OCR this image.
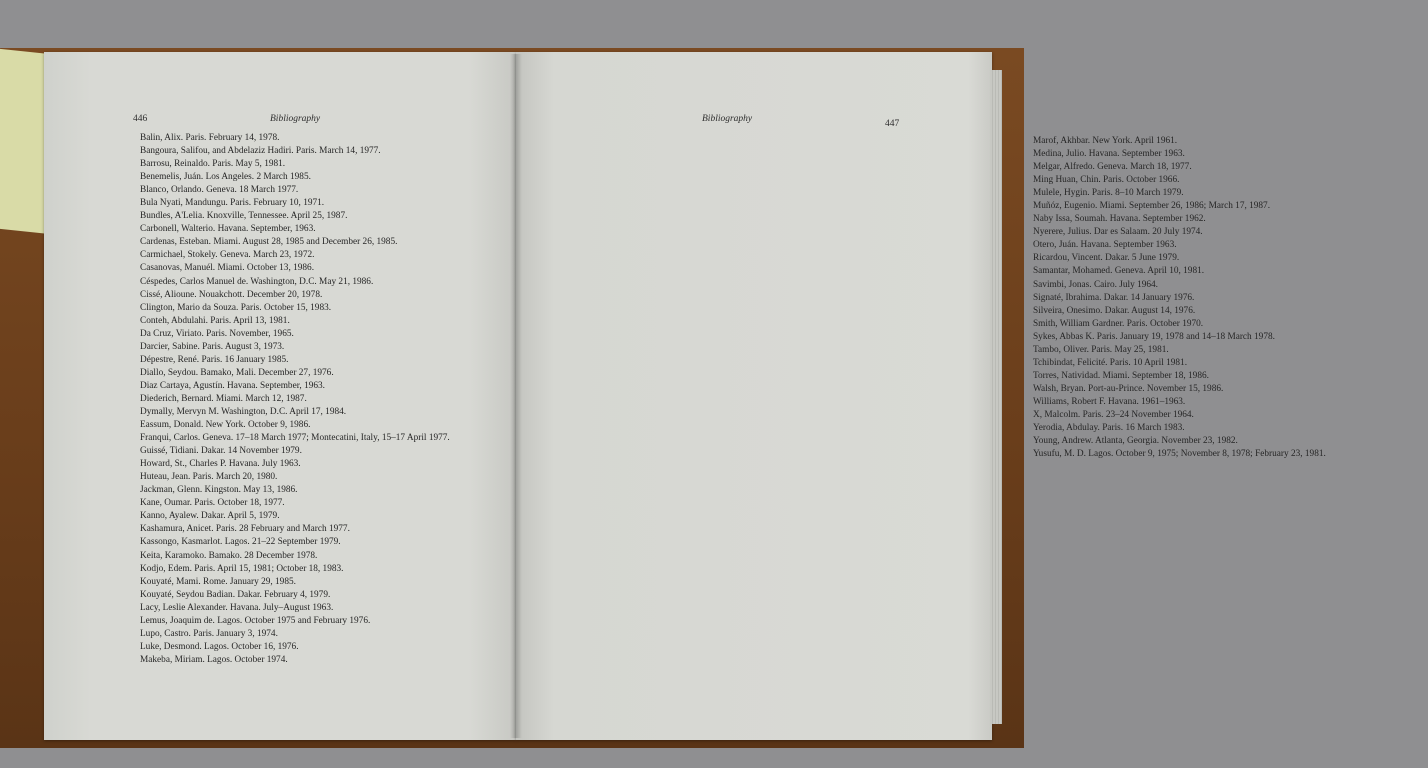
446	Bibliography
Balin, Alix. Paris. February 14, 1978.
Bangoura, Salifou, and Abdelaziz Hadiri. Paris. March 14, 1977.
Barrosu, Reinaldo. Paris. May 5, 1981.
Benemelis, Juán. Los Angeles. 2 March 1985.
Blanco, Orlando. Geneva. 18 March 1977.
Bula Nyati, Mandungu. Paris. February 10, 1971.
Bundles, A'Lelia. Knoxville, Tennessee. April 25, 1987.
Carbonell, Walterio. Havana. September, 1963.
Cardenas, Esteban. Miami. August 28, 1985 and December 26, 1985.
Carmichael, Stokely. Geneva. March 23, 1972.
Casanovas, Manuél. Miami. October 13, 1986.
Céspedes, Carlos Manuel de. Washington, D.C. May 21, 1986.
Cissé, Alioune. Nouakchott. December 20, 1978.
Clington, Mario da Souza. Paris. October 15, 1983.
Conteh, Abdulahi. Paris. April 13, 1981.
Da Cruz, Viriato. Paris. November, 1965.
Darcier, Sabine. Paris. August 3, 1973.
Dépestre, René. Paris. 16 January 1985.
Diallo, Seydou. Bamako, Mali. December 27, 1976.
Diaz Cartaya, Agustín. Havana. September, 1963.
Diederich, Bernard. Miami. March 12, 1987.
Dymally, Mervyn M. Washington, D.C. April 17, 1984.
Eassum, Donald. New York. October 9, 1986.
Franqui, Carlos. Geneva. 17–18 March 1977; Montecatini, Italy, 15–17 April 1977.
Guissé, Tidiani. Dakar. 14 November 1979.
Howard, St., Charles P. Havana. July 1963.
Huteau, Jean. Paris. March 20, 1980.
Jackman, Glenn. Kingston. May 13, 1986.
Kane, Oumar. Paris. October 18, 1977.
Kanno, Ayalew. Dakar. April 5, 1979.
Kashamura, Anicet. Paris. 28 February and March 1977.
Kassongo, Kasmarlot. Lagos. 21–22 September 1979.
Keita, Karamoko. Bamako. 28 December 1978.
Kodjo, Edem. Paris. April 15, 1981; October 18, 1983.
Kouyaté, Mami. Rome. January 29, 1985.
Kouyaté, Seydou Badian. Dakar. February 4, 1979.
Lacy, Leslie Alexander. Havana. July–August 1963.
Lemus, Joaquim de. Lagos. October 1975 and February 1976.
Lupo, Castro. Paris. January 3, 1974.
Luke, Desmond. Lagos. October 16, 1976.
Makeba, Miriam. Lagos. October 1974.
Bibliography	447
Marof, Akhbar. New York. April 1961.
Medina, Julio. Havana. September 1963.
Melgar, Alfredo. Geneva. March 18, 1977.
Ming Huan, Chin. Paris. October 1966.
Mulele, Hygin. Paris. 8–10 March 1979.
Muñóz, Eugenio. Miami. September 26, 1986; March 17, 1987.
Naby Issa, Soumah. Havana. September 1962.
Nyerere, Julius. Dar es Salaam. 20 July 1974.
Otero, Juán. Havana. September 1963.
Ricardou, Vincent. Dakar. 5 June 1979.
Samantar, Mohamed. Geneva. April 10, 1981.
Savimbi, Jonas. Cairo. July 1964.
Signaté, Ibrahima. Dakar. 14 January 1976.
Silveira, Onesimo. Dakar. August 14, 1976.
Smith, William Gardner. Paris. October 1970.
Sykes, Abbas K. Paris. January 19, 1978 and 14–18 March 1978.
Tambo, Oliver. Paris. May 25, 1981.
Tchibindat, Felicité. Paris. 10 April 1981.
Torres, Natividad. Miami. September 18, 1986.
Walsh, Bryan. Port-au-Prince. November 15, 1986.
Williams, Robert F. Havana. 1961–1963.
X, Malcolm. Paris. 23–24 November 1964.
Yerodia, Abdulay. Paris. 16 March 1983.
Young, Andrew. Atlanta, Georgia. November 23, 1982.
Yusufu, M. D. Lagos. October 9, 1975; November 8, 1978; February 23, 1981.
